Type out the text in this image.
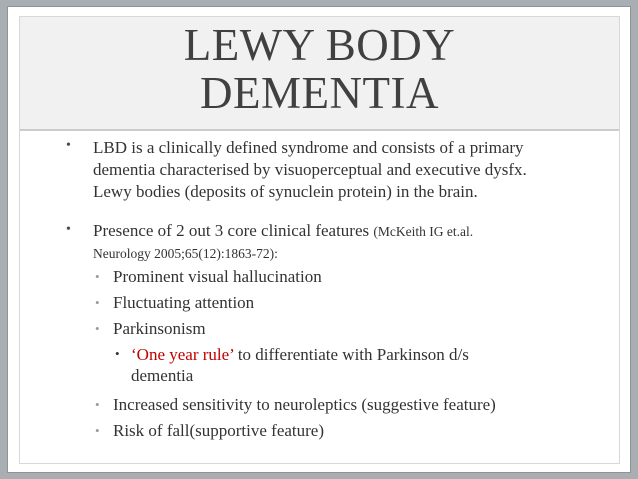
LEWY BODY
DEMENTIA
• LBD is a clinically defined syndrome and consists of a primary
dementia characterised by visuoperceptual and executive dysfx.
Lewy bodies (deposits of synuclein protein) in the brain.
• Presence of 2 out 3 core clinical features (McKeith IG et.al.
Neurology 2005;65(12):1863-72):
• Prominent visual hallucination
• Fluctuating attention
• Parkinsonism
• ‘One year rule’ to differentiate with Parkinson d/s
dementia
• Increased sensitivity to neuroleptics (suggestive feature)
• Risk of fall(supportive feature)
